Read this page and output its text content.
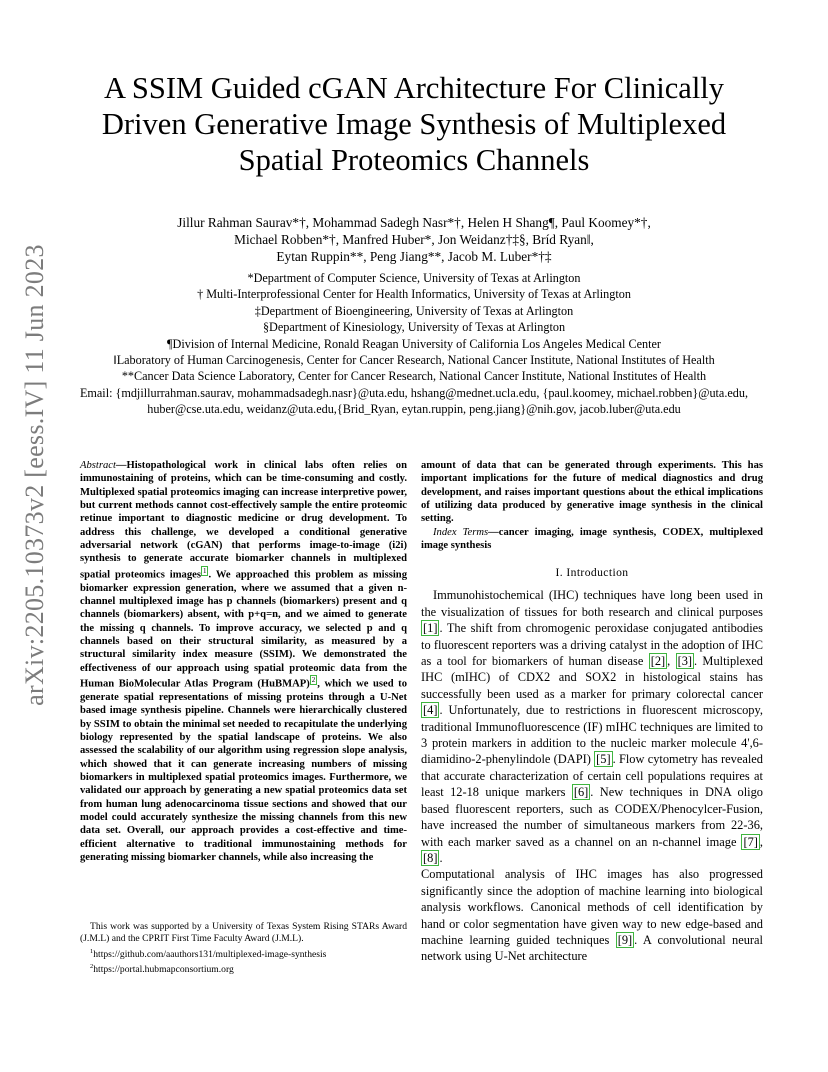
arXiv:2205.10373v2 [eess.IV] 11 Jun 2023
A SSIM Guided cGAN Architecture For Clinically
Driven Generative Image Synthesis of Multiplexed
Spatial Proteomics Channels
Jillur Rahman Saurav*†, Mohammad Sadegh Nasr*†, Helen H Shang¶, Paul Koomey*†,
Michael Robben*†, Manfred Huber*, Jon Weidanz†‡§, Bríd Ryan‖,
Eytan Ruppin**, Peng Jiang**, Jacob M. Luber*†‡
*Department of Computer Science, University of Texas at Arlington
† Multi-Interprofessional Center for Health Informatics, University of Texas at Arlington
‡Department of Bioengineering, University of Texas at Arlington
§Department of Kinesiology, University of Texas at Arlington
¶Division of Internal Medicine, Ronald Reagan University of California Los Angeles Medical Center
‖Laboratory of Human Carcinogenesis, Center for Cancer Research, National Cancer Institute, National Institutes of Health
**Cancer Data Science Laboratory, Center for Cancer Research, National Cancer Institute, National Institutes of Health
Email: {mdjillurrahman.saurav, mohammadsadegh.nasr}@uta.edu, hshang@mednet.ucla.edu, {paul.koomey, michael.robben}@uta.edu,
huber@cse.uta.edu, weidanz@uta.edu,{Brid_Ryan, eytan.ruppin, peng.jiang}@nih.gov, jacob.luber@uta.edu

Abstract—Histopathological work in clinical labs often relies on immunostaining of proteins, which can be time-consuming and costly. Multiplexed spatial proteomics imaging can increase interpretive power, but current methods cannot cost-effectively sample the entire proteomic retinue important to diagnostic medicine or drug development. To address this challenge, we developed a conditional generative adversarial network (cGAN) that performs image-to-image (i2i) synthesis to generate accurate biomarker channels in multiplexed spatial proteomics images $^1$ . We approached this problem as missing biomarker expression generation, where we assumed that a given n-channel multiplexed image has p channels (biomarkers) present and q channels (biomarkers) absent, with p+q=n, and we aimed to generate the missing q channels. To improve accuracy, we selected p and q channels based on their structural similarity, as measured by a structural similarity index measure (SSIM). We demonstrated the effectiveness of our approach using spatial proteomic data from the Human BioMolecular Atlas Program (HuBMAP) $^2$ , which we used to generate spatial representations of missing proteins through a U-Net based image synthesis pipeline. Channels were hierarchically clustered by SSIM to obtain the minimal set needed to recapitulate the underlying biology represented by the spatial landscape of proteins. We also assessed the scalability of our algorithm using regression slope analysis, which showed that it can generate increasing numbers of missing biomarkers in multiplexed spatial proteomics images. Furthermore, we validated our approach by generating a new spatial proteomics data set from human lung adenocarcinoma tissue sections and showed that our model could accurately synthesize the missing channels from this new data set. Overall, our approach provides a cost-effective and time-efficient alternative to traditional immunostaining methods for generating missing biomarker channels, while also increasing the

amount of data that can be generated through experiments. This has important implications for the future of medical diagnostics and drug development, and raises important questions about the ethical implications of utilizing data produced by generative image synthesis in the clinical setting.

Index Terms—cancer imaging, image synthesis, CODEX, multiplexed image synthesis

I. Introduction

Immunohistochemical (IHC) techniques have long been used in the visualization of tissues for both research and clinical purposes [1] . The shift from chromogenic peroxidase conjugated antibodies to fluorescent reporters was a driving catalyst in the adoption of IHC as a tool for biomarkers of human disease [2] , [3] . Multiplexed IHC (mIHC) of CDX2 and SOX2 in histological stains has successfully been used as a marker for primary colorectal cancer [4] . Unfortunately, due to restrictions in fluorescent microscopy, traditional Immunofluorescence (IF) mIHC techniques are limited to 3 protein markers in addition to the nucleic marker molecule 4',6-diamidino-2-phenylindole (DAPI) [5] . Flow cytometry has revealed that accurate characterization of certain cell populations requires at least 12-18 unique markers [6] . New techniques in DNA oligo based fluorescent reporters, such as CODEX/Phenocylcer-Fusion, have increased the number of simultaneous markers from 22-36, with each marker saved as a channel on an n-channel image [7] , [8] .

Computational analysis of IHC images has also progressed significantly since the adoption of machine learning into biological analysis workflows. Canonical methods of cell identification by hand or color segmentation have given way to new edge-based and machine learning guided techniques [9] . A convolutional neural network using U-Net architecture

This work was supported by a University of Texas System Rising STARs Award (J.M.L) and the CPRIT First Time Faculty Award (J.M.L).
$^1$https://github.com/aauthors131/multiplexed-image-synthesis
$^2$https://portal.hubmapconsortium.org
